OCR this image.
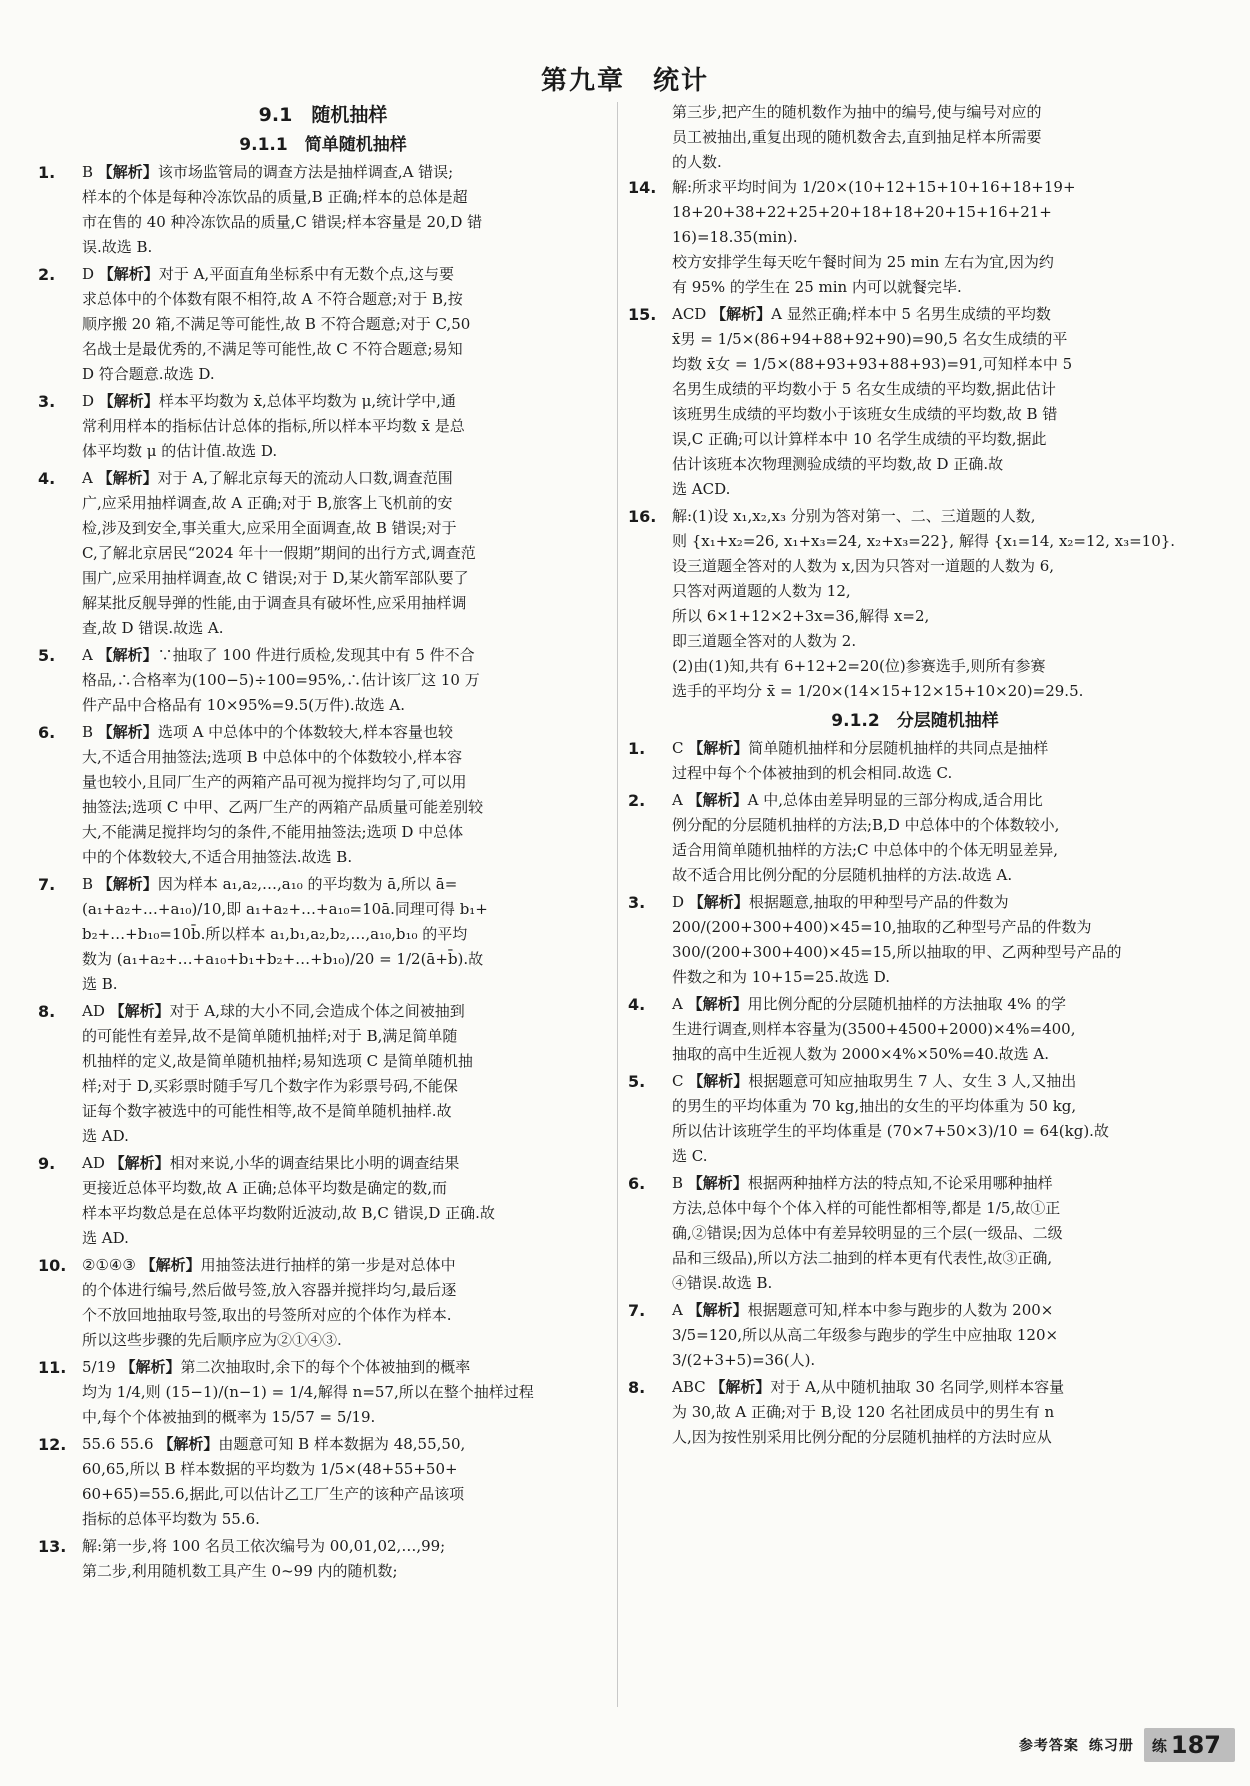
第九章　统计
9.1　随机抽样
9.1.1　简单随机抽样
1.	B 【解析】该市场监管局的调查方法是抽样调查,A 错误;
样本的个体是每种冷冻饮品的质量,B 正确;样本的总体是超
市在售的 40 种冷冻饮品的质量,C 错误;样本容量是 20,D 错
误.故选 B.
2.	D 【解析】对于 A,平面直角坐标系中有无数个点,这与要
求总体中的个体数有限不相符,故 A 不符合题意;对于 B,按
顺序搬 20 箱,不满足等可能性,故 B 不符合题意;对于 C,50
名战士是最优秀的,不满足等可能性,故 C 不符合题意;易知
D 符合题意.故选 D.
3.	D 【解析】样本平均数为 x̄,总体平均数为 μ,统计学中,通
常利用样本的指标估计总体的指标,所以样本平均数 x̄ 是总
体平均数 μ 的估计值.故选 D.
4.	A 【解析】对于 A,了解北京每天的流动人口数,调查范围
广,应采用抽样调查,故 A 正确;对于 B,旅客上飞机前的安
检,涉及到安全,事关重大,应采用全面调查,故 B 错误;对于
C,了解北京居民“2024 年十一假期”期间的出行方式,调查范
围广,应采用抽样调查,故 C 错误;对于 D,某火箭军部队要了
解某批反舰导弹的性能,由于调查具有破坏性,应采用抽样调
查,故 D 错误.故选 A.
5.	A 【解析】∵抽取了 100 件进行质检,发现其中有 5 件不合
格品,∴合格率为(100−5)÷100=95%,∴估计该厂这 10 万
件产品中合格品有 10×95%=9.5(万件).故选 A.
6.	B 【解析】选项 A 中总体中的个体数较大,样本容量也较
大,不适合用抽签法;选项 B 中总体中的个体数较小,样本容
量也较小,且同厂生产的两箱产品可视为搅拌均匀了,可以用
抽签法;选项 C 中甲、乙两厂生产的两箱产品质量可能差别较
大,不能满足搅拌均匀的条件,不能用抽签法;选项 D 中总体
中的个体数较大,不适合用抽签法.故选 B.
7.	B 【解析】因为样本 a₁,a₂,…,a₁₀ 的平均数为 ā,所以 ā=
(a₁+a₂+…+a₁₀)/10,即 a₁+a₂+…+a₁₀=10ā.同理可得 b₁+
b₂+…+b₁₀=10b̄.所以样本 a₁,b₁,a₂,b₂,…,a₁₀,b₁₀ 的平均
数为 (a₁+a₂+…+a₁₀+b₁+b₂+…+b₁₀)/20 = 1/2(ā+b̄).故
选 B.
8.	AD 【解析】对于 A,球的大小不同,会造成个体之间被抽到
的可能性有差异,故不是简单随机抽样;对于 B,满足简单随
机抽样的定义,故是简单随机抽样;易知选项 C 是简单随机抽
样;对于 D,买彩票时随手写几个数字作为彩票号码,不能保
证每个数字被选中的可能性相等,故不是简单随机抽样.故
选 AD.
9.	AD 【解析】相对来说,小华的调查结果比小明的调查结果
更接近总体平均数,故 A 正确;总体平均数是确定的数,而
样本平均数总是在总体平均数附近波动,故 B,C 错误,D 正确.故
选 AD.
10.	②①④③ 【解析】用抽签法进行抽样的第一步是对总体中
的个体进行编号,然后做号签,放入容器并搅拌均匀,最后逐
个不放回地抽取号签,取出的号签所对应的个体作为样本.
所以这些步骤的先后顺序应为②①④③.
11.	5/19 【解析】第二次抽取时,余下的每个个体被抽到的概率
均为 1/4,则 (15−1)/(n−1) = 1/4,解得 n=57,所以在整个抽样过程
中,每个个体被抽到的概率为 15/57 = 5/19.
12.	55.6 55.6 【解析】由题意可知 B 样本数据为 48,55,50,
60,65,所以 B 样本数据的平均数为 1/5×(48+55+50+
60+65)=55.6,据此,可以估计乙工厂生产的该种产品该项
指标的总体平均数为 55.6.
13.	解:第一步,将 100 名员工依次编号为 00,01,02,…,99;
第二步,利用随机数工具产生 0~99 内的随机数;
第三步,把产生的随机数作为抽中的编号,使与编号对应的
员工被抽出,重复出现的随机数舍去,直到抽足样本所需要
的人数.
14.	解:所求平均时间为 1/20×(10+12+15+10+16+18+19+
18+20+38+22+25+20+18+18+20+15+16+21+
16)=18.35(min).
校方安排学生每天吃午餐时间为 25 min 左右为宜,因为约
有 95% 的学生在 25 min 内可以就餐完毕.
15.	ACD 【解析】A 显然正确;样本中 5 名男生成绩的平均数
x̄男 = 1/5×(86+94+88+92+90)=90,5 名女生成绩的平
均数 x̄女 = 1/5×(88+93+93+88+93)=91,可知样本中 5
名男生成绩的平均数小于 5 名女生成绩的平均数,据此估计
该班男生成绩的平均数小于该班女生成绩的平均数,故 B 错
误,C 正确;可以计算样本中 10 名学生成绩的平均数,据此
估计该班本次物理测验成绩的平均数,故 D 正确.故
选 ACD.
16.	解:(1)设 x₁,x₂,x₃ 分别为答对第一、二、三道题的人数,
则 {x₁+x₂=26, x₁+x₃=24, x₂+x₃=22}, 解得 {x₁=14, x₂=12, x₃=10}.
设三道题全答对的人数为 x,因为只答对一道题的人数为 6,
只答对两道题的人数为 12,
所以 6×1+12×2+3x=36,解得 x=2,
即三道题全答对的人数为 2.
(2)由(1)知,共有 6+12+2=20(位)参赛选手,则所有参赛
选手的平均分 x̄ = 1/20×(14×15+12×15+10×20)=29.5.
9.1.2　分层随机抽样
1.	C 【解析】简单随机抽样和分层随机抽样的共同点是抽样
过程中每个个体被抽到的机会相同.故选 C.
2.	A 【解析】A 中,总体由差异明显的三部分构成,适合用比
例分配的分层随机抽样的方法;B,D 中总体中的个体数较小,
适合用简单随机抽样的方法;C 中总体中的个体无明显差异,
故不适合用比例分配的分层随机抽样的方法.故选 A.
3.	D 【解析】根据题意,抽取的甲种型号产品的件数为
200/(200+300+400)×45=10,抽取的乙种型号产品的件数为
300/(200+300+400)×45=15,所以抽取的甲、乙两种型号产品的
件数之和为 10+15=25.故选 D.
4.	A 【解析】用比例分配的分层随机抽样的方法抽取 4% 的学
生进行调查,则样本容量为(3500+4500+2000)×4%=400,
抽取的高中生近视人数为 2000×4%×50%=40.故选 A.
5.	C 【解析】根据题意可知应抽取男生 7 人、女生 3 人,又抽出
的男生的平均体重为 70 kg,抽出的女生的平均体重为 50 kg,
所以估计该班学生的平均体重是 (70×7+50×3)/10 = 64(kg).故
选 C.
6.	B 【解析】根据两种抽样方法的特点知,不论采用哪种抽样
方法,总体中每个个体入样的可能性都相等,都是 1/5,故①正
确,②错误;因为总体中有差异较明显的三个层(一级品、二级
品和三级品),所以方法二抽到的样本更有代表性,故③正确,
④错误.故选 B.
7.	A 【解析】根据题意可知,样本中参与跑步的人数为 200×
3/5=120,所以从高二年级参与跑步的学生中应抽取 120×
3/(2+3+5)=36(人).
8.	ABC 【解析】对于 A,从中随机抽取 30 名同学,则样本容量
为 30,故 A 正确;对于 B,设 120 名社团成员中的男生有 n
人,因为按性别采用比例分配的分层随机抽样的方法时应从
参考答案 练习册 练 187
